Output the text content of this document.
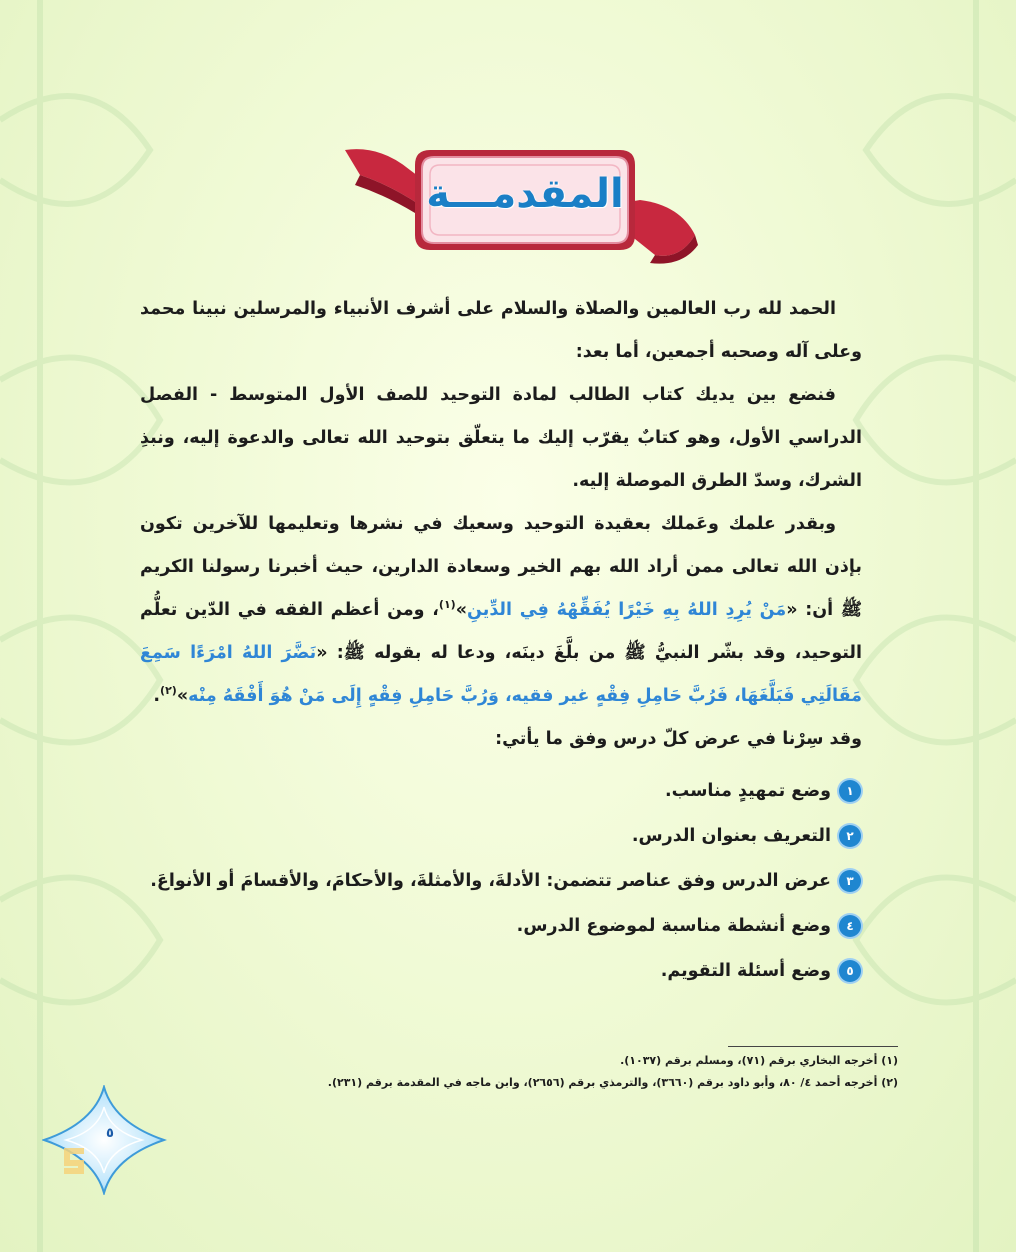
المقدمـــة

الحمد لله رب العالمين والصلاة والسلام على أشرف الأنبياء والمرسلين نبينا محمد وعلى آله وصحبه أجمعين، أما بعد:

فنضع بين يديك كتاب الطالب لمادة التوحيد للصف الأول المتوسط - الفصل الدراسي الأول، وهو كتابٌ يقرّب إليك ما يتعلّق بتوحيد الله تعالى والدعوة إليه، ونبذِ الشرك، وسدّ الطرق الموصلة إليه.

وبقدر علمك وعَملك بعقيدة التوحيد وسعيك في نشرها وتعليمها للآخرين تكون بإذن الله تعالى ممن أراد الله بهم الخير وسعادة الدارين، حيث أخبرنا رسولنا الكريم ﷺ أن: «مَنْ يُرِدِ اللهُ بِهِ خَيْرًا يُفَقِّهْهُ فِي الدِّينِ»$^{(١)}$، ومن أعظم الفقه في الدّين تعلُّم التوحيد، وقد بشّر النبيُّ ﷺ من بلَّغَ دينَه، ودعا له بقوله ﷺ: «نَضَّرَ اللهُ امْرَءًا سَمِعَ مَقَالَتِي فَبَلَّغَهَا، فَرُبَّ حَامِلِ فِقْهٍ غير فقيه، وَرُبَّ حَامِلِ فِقْهٍ إِلَى مَنْ هُوَ أَفْقَهُ مِنْه»$^{(٢)}$.

وقد سِرْنا في عرض كلّ درس وفق ما يأتي:

١
وضع تمهيدٍ مناسب.
٢
التعريف بعنوان الدرس.
٣
عرض الدرس وفق عناصر تتضمن: الأدلةَ، والأمثلةَ، والأحكامَ، والأقسامَ أو الأنواعَ.
٤
وضع أنشطة مناسبة لموضوع الدرس.
٥
وضع أسئلة التقويم.
(١) أخرجه البخاري برقم (٧١)، ومسلم برقم (١٠٣٧).
(٢) أخرجه أحمد ٤/ ٨٠، وأبو داود برقم (٣٦٦٠)، والترمذي برقم (٢٦٥٦)، وابن ماجه في المقدمة برقم (٢٣١).
٥
